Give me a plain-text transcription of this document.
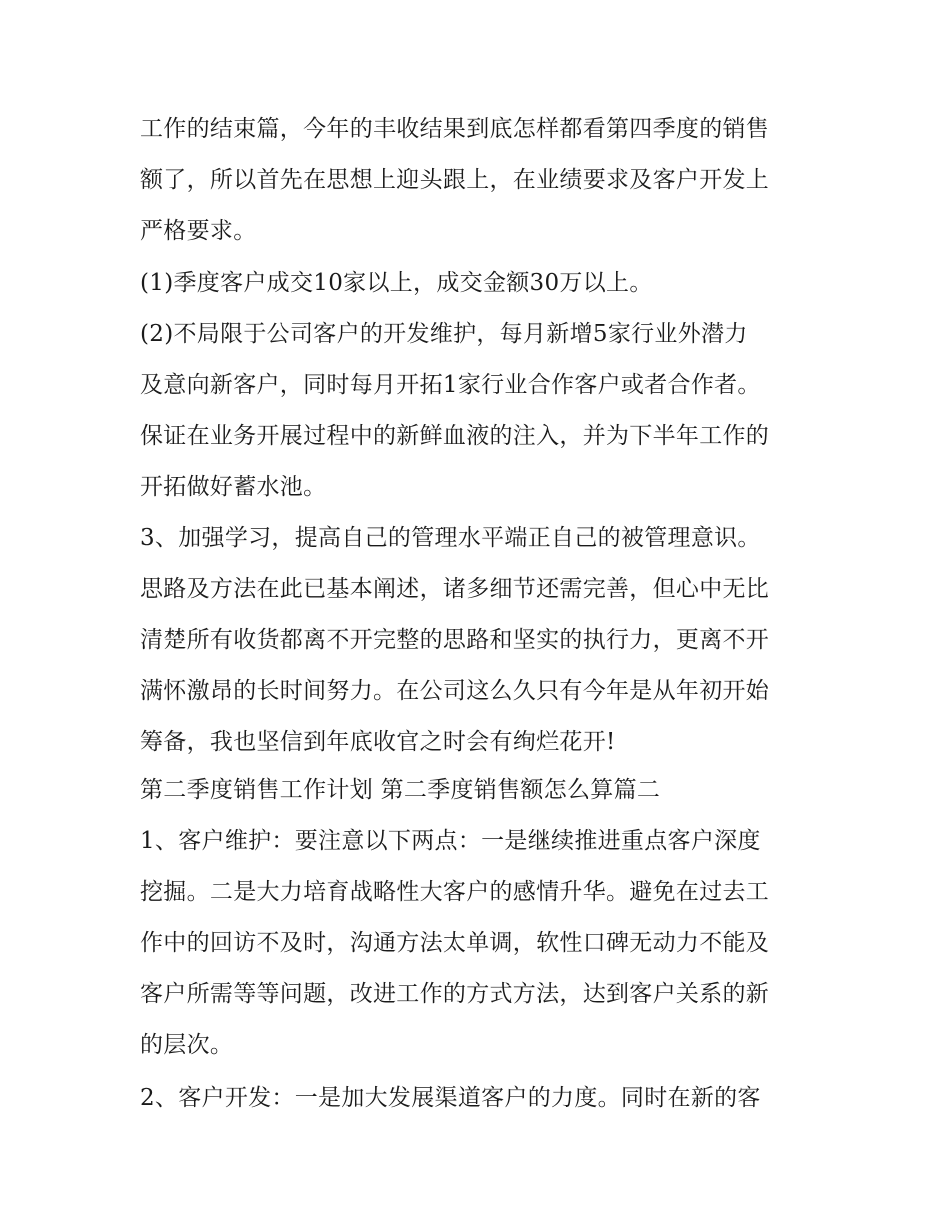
工作的结束篇，今年的丰收结果到底怎样都看第四季度的销售
额了，所以首先在思想上迎头跟上，在业绩要求及客户开发上
严格要求。
(1)季度客户成交10家以上，成交金额30万以上。
(2)不局限于公司客户的开发维护，每月新增5家行业外潜力
及意向新客户，同时每月开拓1家行业合作客户或者合作者。
保证在业务开展过程中的新鲜血液的注入，并为下半年工作的
开拓做好蓄水池。
3、加强学习，提高自己的管理水平端正自己的被管理意识。
思路及方法在此已基本阐述，诸多细节还需完善，但心中无比
清楚所有收货都离不开完整的思路和坚实的执行力，更离不开
满怀激昂的长时间努力。在公司这么久只有今年是从年初开始
筹备，我也坚信到年底收官之时会有绚烂花开!
第二季度销售工作计划 第二季度销售额怎么算篇二
1、客户维护：要注意以下两点：一是继续推进重点客户深度
挖掘。二是大力培育战略性大客户的感情升华。避免在过去工
作中的回访不及时，沟通方法太单调，软性口碑无动力不能及
客户所需等等问题，改进工作的方式方法，达到客户关系的新
的层次。
2、客户开发：一是加大发展渠道客户的力度。同时在新的客
